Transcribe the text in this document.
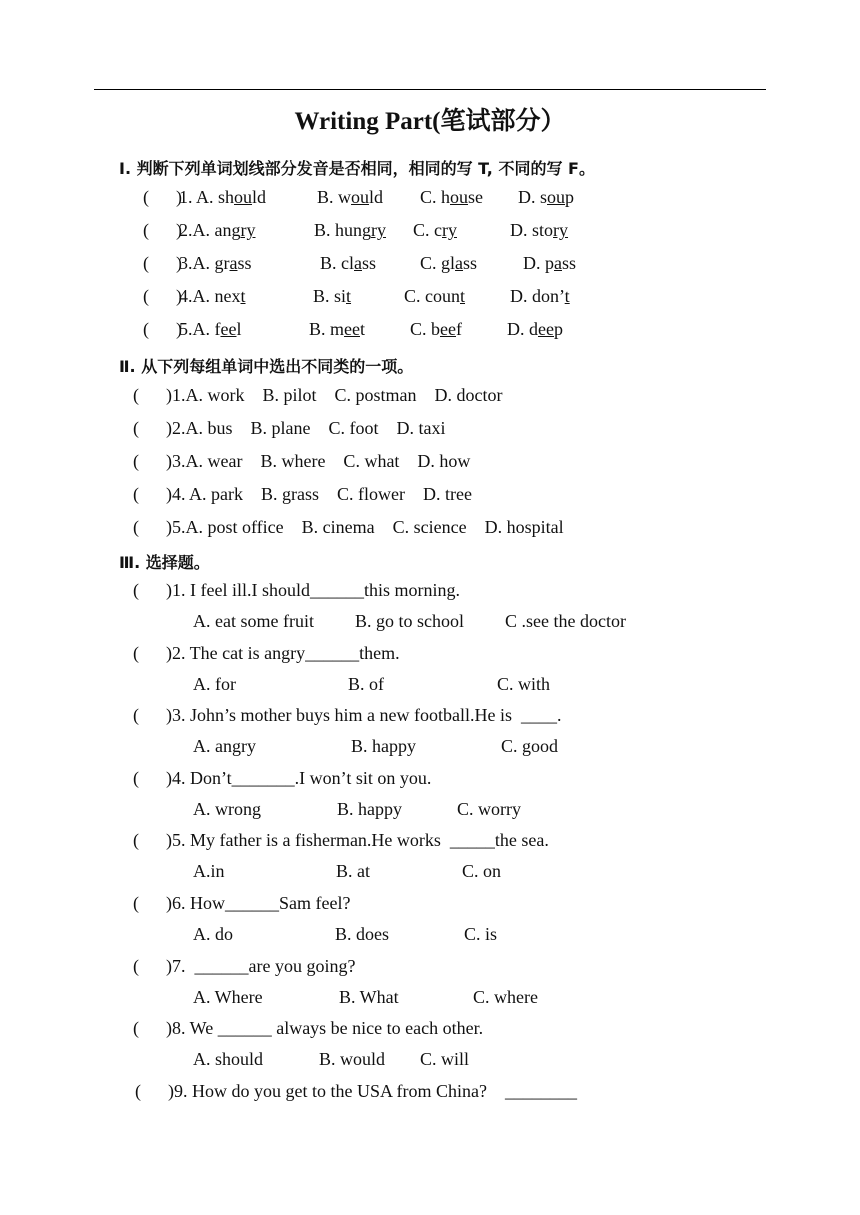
Writing Part(笔试部分）
Ⅰ. 判断下列单词划线部分发音是否相同，相同的写 T, 不同的写 F。
(      )
1. A. should	B. would C. house D. soup
(      )
2.A. angry	B. hungry C. cry	D. story
(      )
3.A. grass	B. class C. glass	D. pass
(      )
4.A. next	B. sit	C. count D. don’t
(      )
5.A. feel	B. meet C. beef	D. deep
Ⅱ. 从下列每组单词中选出不同类的一项。
(      )1.A. work    B. pilot    C. postman    D. doctor
(      )2.A. bus    B. plane    C. foot    D. taxi
(      )3.A. wear    B. where    C. what    D. how
(      )4. A. park    B. grass    C. flower    D. tree
(      )5.A. post office    B. cinema    C. science    D. hospital
Ⅲ. 选择题。
(      )1. I feel ill.I should______this morning.
A. eat some fruit B. go to school C .see the doctor
(      )2. The cat is angry______them.
A. for	B. of	C. with
(      )3. John’s mother buys him a new football.He is  ____.
A. angry	B. happy	C. good
(      )4. Don’t_______.I won’t sit on you.
A. wrong	B. happy	C. worry
(      )5. My father is a fisherman.He works  _____the sea.
A.in	B. at	C. on
(      )6. How______Sam feel?
A. do	B. does	C. is
(      )7.  ______are you going?
A. Where	B. What	C. where
(      )8. We ______ always be nice to each other.
A. should	B. would C. will
(      )9. How do you get to the USA from China?    ________
